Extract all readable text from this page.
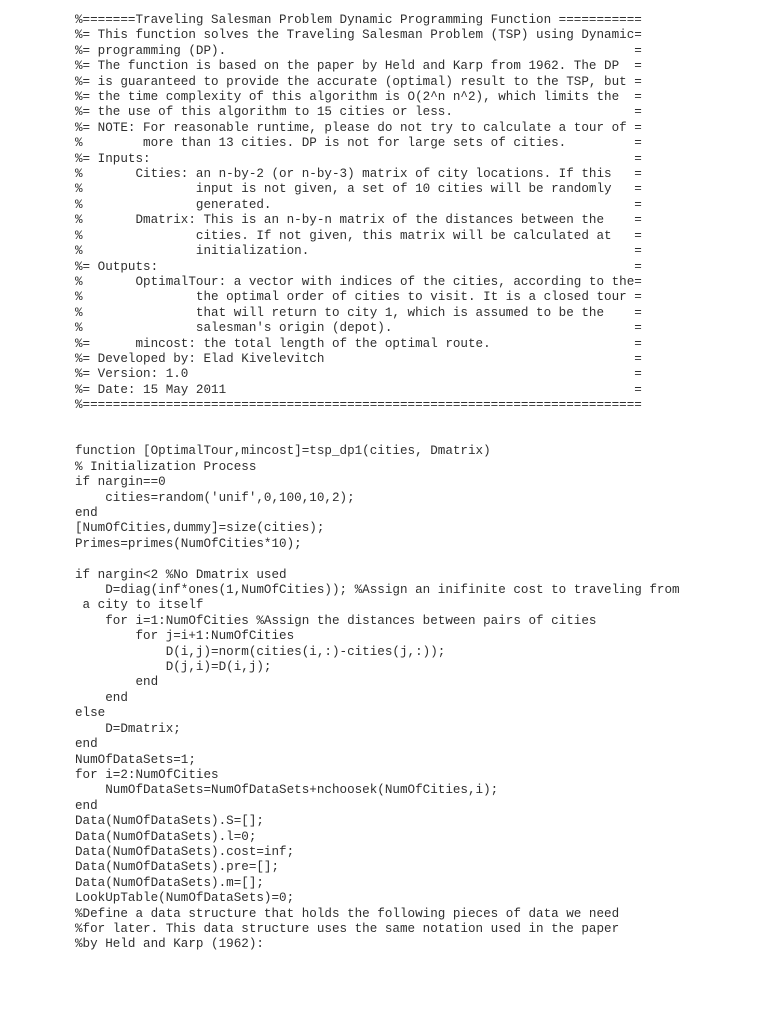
%=======Traveling Salesman Problem Dynamic Programming Function ===========
%= This function solves the Traveling Salesman Problem (TSP) using Dynamic=
%= programming (DP).                                                      =
%= The function is based on the paper by Held and Karp from 1962. The DP  =
%= is guaranteed to provide the accurate (optimal) result to the TSP, but =
%= the time complexity of this algorithm is O(2^n n^2), which limits the  =
%= the use of this algorithm to 15 cities or less.                        =
%= NOTE: For reasonable runtime, please do not try to calculate a tour of =
%        more than 13 cities. DP is not for large sets of cities.         =
%= Inputs:                                                                =
%       Cities: an n-by-2 (or n-by-3) matrix of city locations. If this   =
%               input is not given, a set of 10 cities will be randomly   =
%               generated.                                                =
%       Dmatrix: This is an n-by-n matrix of the distances between the    =
%               cities. If not given, this matrix will be calculated at   =
%               initialization.                                           =
%= Outputs:                                                               =
%       OptimalTour: a vector with indices of the cities, according to the=
%               the optimal order of cities to visit. It is a closed tour =
%               that will return to city 1, which is assumed to be the    =
%               salesman's origin (depot).                                =
%=      mincost: the total length of the optimal route.                   =
%= Developed by: Elad Kivelevitch                                         =
%= Version: 1.0                                                           =
%= Date: 15 May 2011                                                      =
%==========================================================================
function [OptimalTour,mincost]=tsp_dp1(cities, Dmatrix)
% Initialization Process
if nargin==0
cities=random('unif',0,100,10,2);
end
[NumOfCities,dummy]=size(cities);
Primes=primes(NumOfCities*10);
if nargin<2 %No Dmatrix used
D=diag(inf*ones(1,NumOfCities)); %Assign an inifinite cost to traveling from
a city to itself
for i=1:NumOfCities %Assign the distances between pairs of cities
for j=i+1:NumOfCities
D(i,j)=norm(cities(i,:)-cities(j,:));
D(j,i)=D(i,j);
end
end
else
D=Dmatrix;
end
NumOfDataSets=1;
for i=2:NumOfCities
NumOfDataSets=NumOfDataSets+nchoosek(NumOfCities,i);
end
Data(NumOfDataSets).S=[];
Data(NumOfDataSets).l=0;
Data(NumOfDataSets).cost=inf;
Data(NumOfDataSets).pre=[];
Data(NumOfDataSets).m=[];
LookUpTable(NumOfDataSets)=0;
%Define a data structure that holds the following pieces of data we need
%for later. This data structure uses the same notation used in the paper
%by Held and Karp (1962):
